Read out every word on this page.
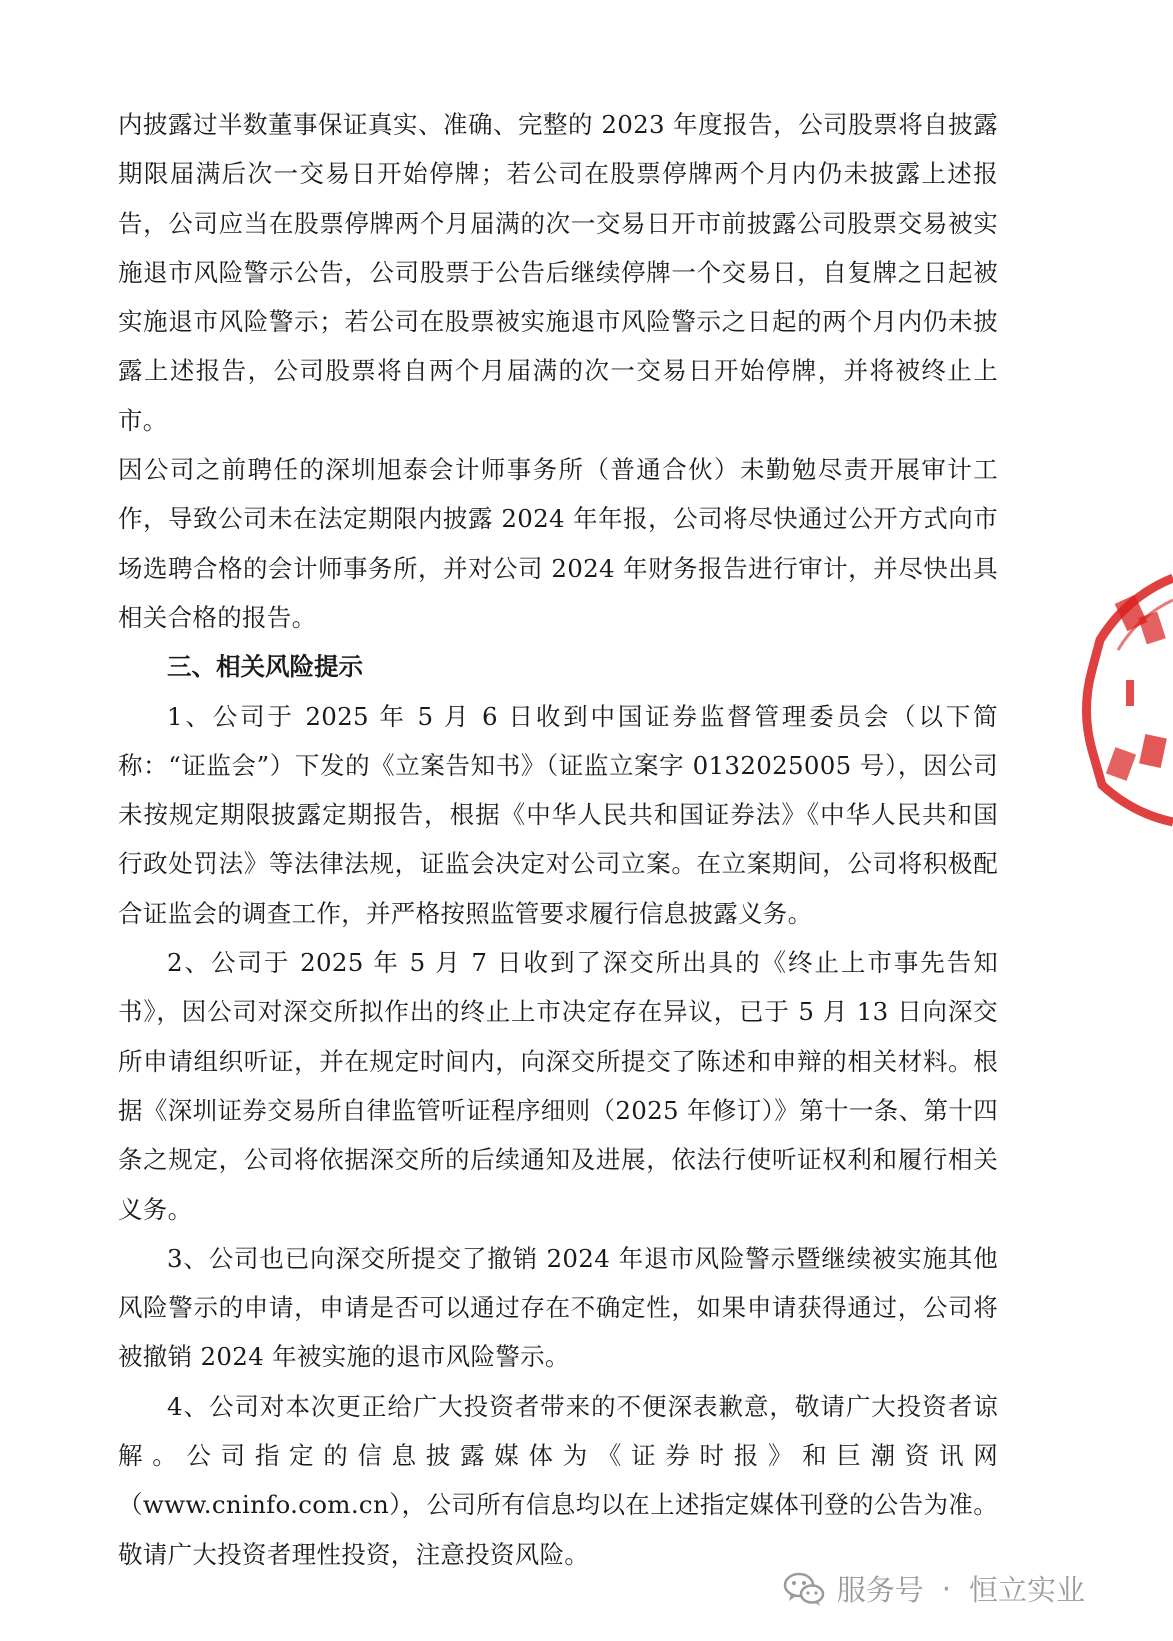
内披露过半数董事保证真实、准确、完整的 2023 年度报告，公司股票将自披露期限届满后次一交易日开始停牌；若公司在股票停牌两个月内仍未披露上述报告，公司应当在股票停牌两个月届满的次一交易日开市前披露公司股票交易被实施退市风险警示公告，公司股票于公告后继续停牌一个交易日，自复牌之日起被实施退市风险警示；若公司在股票被实施退市风险警示之日起的两个月内仍未披露上述报告，公司股票将自两个月届满的次一交易日开始停牌，并将被终止上市。

因公司之前聘任的深圳旭泰会计师事务所（普通合伙）未勤勉尽责开展审计工作，导致公司未在法定期限内披露 2024 年年报，公司将尽快通过公开方式向市场选聘合格的会计师事务所，并对公司 2024 年财务报告进行审计，并尽快出具相关合格的报告。

三、相关风险提示

1、公司于 2025 年 5 月 6 日收到中国证券监督管理委员会（以下简称：“证监会”）下发的《立案告知书》（证监立案字 0132025005 号），因公司未按规定期限披露定期报告，根据《中华人民共和国证券法》《中华人民共和国行政处罚法》等法律法规，证监会决定对公司立案。在立案期间，公司将积极配合证监会的调查工作，并严格按照监管要求履行信息披露义务。

2、公司于 2025 年 5 月 7 日收到了深交所出具的《终止上市事先告知书》，因公司对深交所拟作出的终止上市决定存在异议，已于 5 月 13 日向深交所申请组织听证，并在规定时间内，向深交所提交了陈述和申辩的相关材料。根据《深圳证券交易所自律监管听证程序细则（2025 年修订）》第十一条、第十四条之规定，公司将依据深交所的后续通知及进展，依法行使听证权利和履行相关义务。

3、公司也已向深交所提交了撤销 2024 年退市风险警示暨继续被实施其他风险警示的申请，申请是否可以通过存在不确定性，如果申请获得通过，公司将被撤销 2024 年被实施的退市风险警示。

4、公司对本次更正给广大投资者带来的不便深表歉意，敬请广大投资者谅解。公司指定的信息披露媒体为《证券时报》和巨潮资讯网（www.cninfo.com.cn），公司所有信息均以在上述指定媒体刊登的公告为准。敬请广大投资者理性投资，注意投资风险。

服务号 · 恒立实业
